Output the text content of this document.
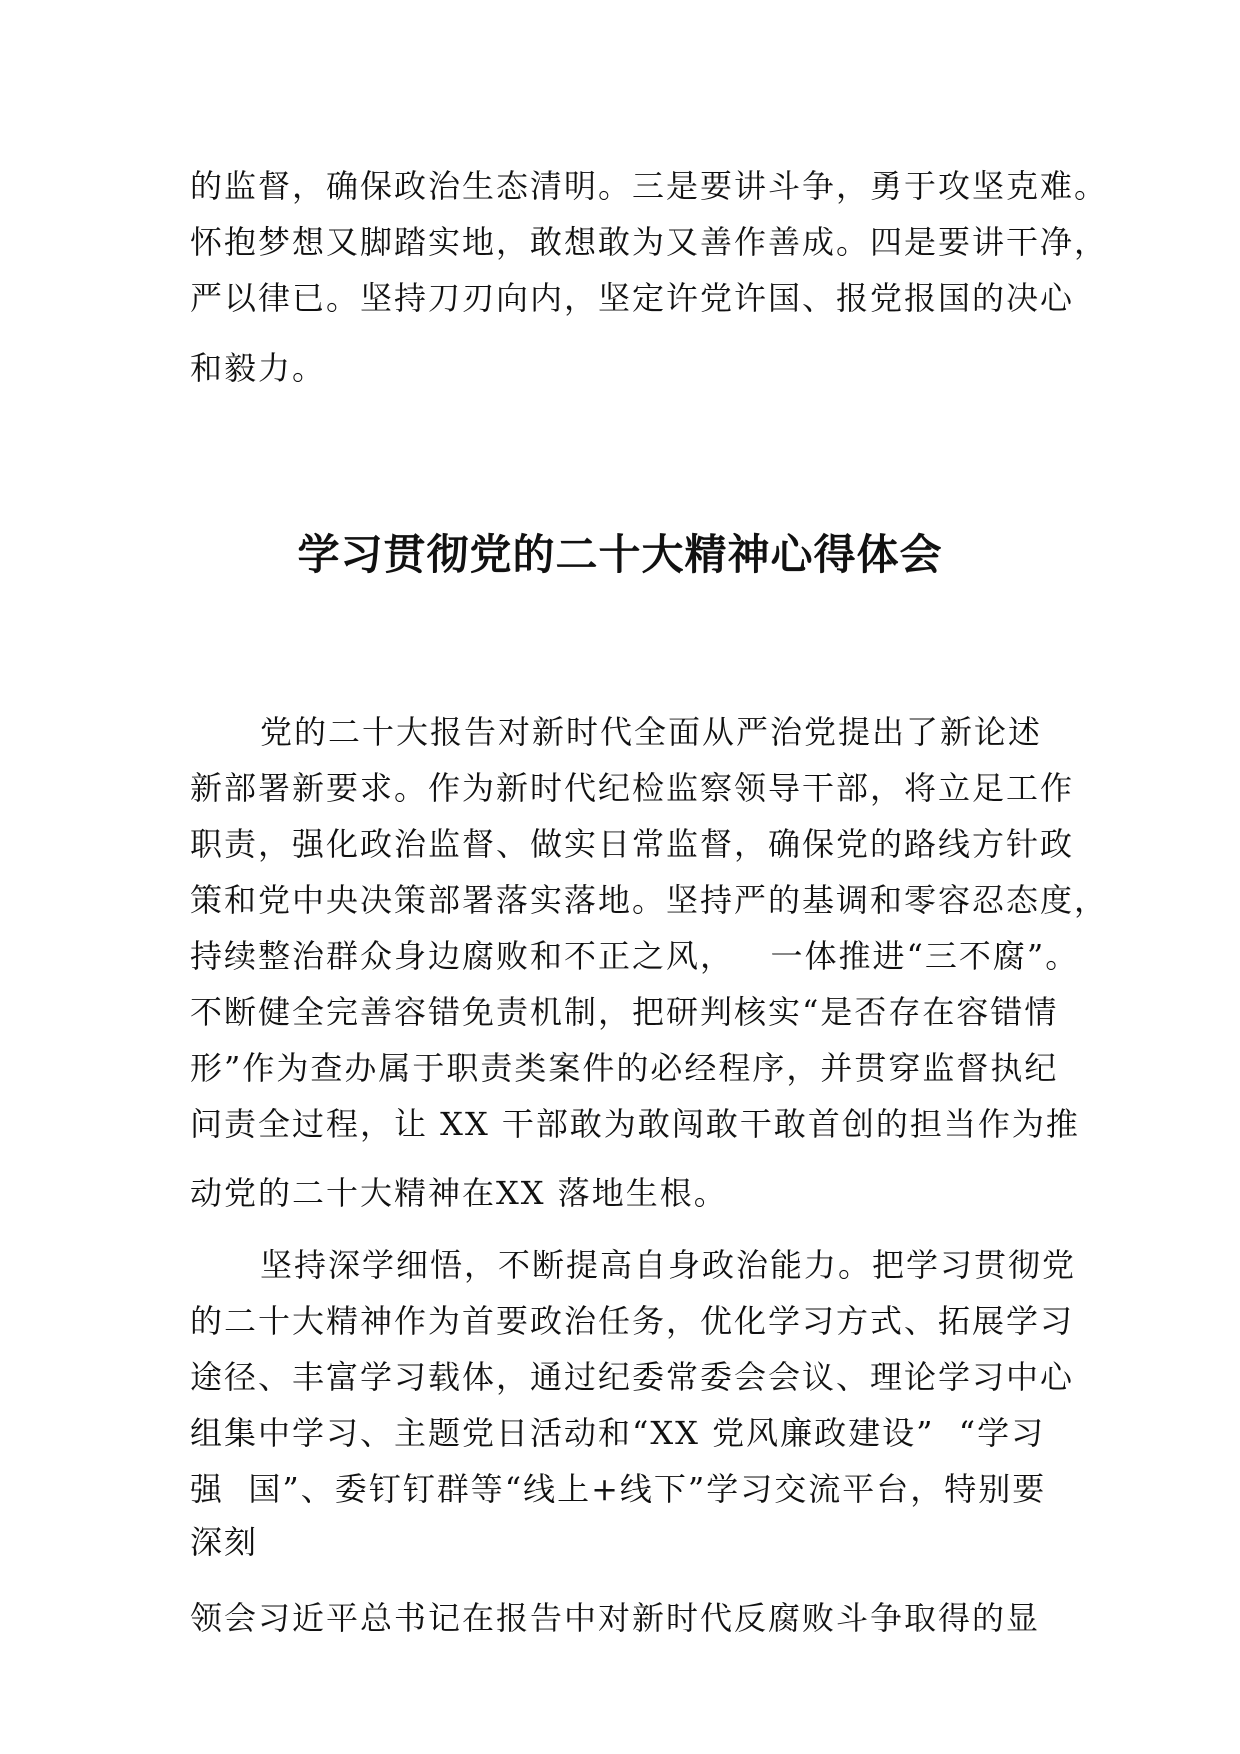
的监督，确保政治生态清明。三是要讲斗争，勇于攻坚克难。
怀抱梦想又脚踏实地，敢想敢为又善作善成。四是要讲干净，
严以律已。坚持刀刃向内，坚定许党许国、报党报国的决心
和毅力。
学习贯彻党的二十大精神心得体会
党的二十大报告对新时代全面从严治党提出了新论述
新部署新要求。作为新时代纪检监察领导干部，将立足工作
职责，强化政治监督、做实日常监督，确保党的路线方针政
策和党中央决策部署落实落地。坚持严的基调和零容忍态度，
持续整治群众身边腐败和不正之风，   一体推进“三不腐”。
不断健全完善容错免责机制，把研判核实“是否存在容错情
形”作为查办属于职责类案件的必经程序，并贯穿监督执纪
问责全过程，让 XX 干部敢为敢闯敢干敢首创的担当作为推
动党的二十大精神在XX 落地生根。
坚持深学细悟，不断提高自身政治能力。把学习贯彻党
的二十大精神作为首要政治任务，优化学习方式、拓展学习
途径、丰富学习载体，通过纪委常委会会议、理论学习中心
组集中学习、主题党日活动和“XX 党风廉政建设”  “学习
强  国”、委钉钉群等“线上+线下”学习交流平台，特别要
深刻
领会习近平总书记在报告中对新时代反腐败斗争取得的显
